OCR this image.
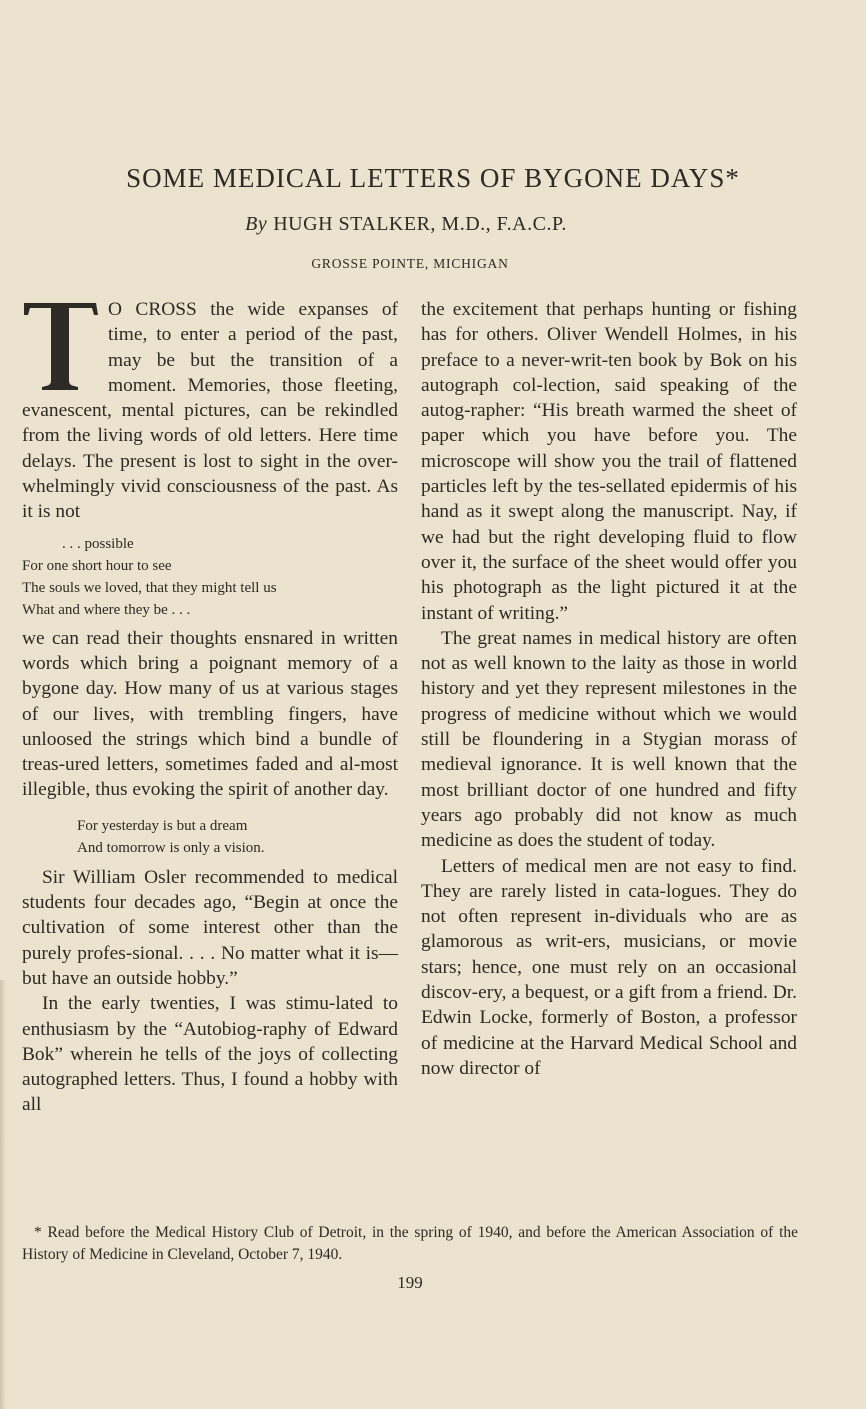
SOME MEDICAL LETTERS OF BYGONE DAYS*
By HUGH STALKER, M.D., F.A.C.P.
GROSSE POINTE, MICHIGAN

O CROSS the wide expanses of time, to enter a period of the past, may be but the transition of a moment. Memories, those fleeting, evanescent, mental pictures, can be rekindled from the living words of old letters. Here time delays. The present is lost to sight in the over-whelmingly vivid consciousness of the past. As it is not

. . . possible
For one short hour to see
The souls we loved, that they might tell us
What and where they be . . .

we can read their thoughts ensnared in written words which bring a poignant memory of a bygone day. How many of us at various stages of our lives, with trembling fingers, have unloosed the strings which bind a bundle of treas-ured letters, sometimes faded and al-most illegible, thus evoking the spirit of another day.

For yesterday is but a dream
And tomorrow is only a vision.

Sir William Osler recommended to medical students four decades ago, “Begin at once the cultivation of some interest other than the purely profes-sional. . . . No matter what it is—but have an outside hobby.”

In the early twenties, I was stimu-lated to enthusiasm by the “Autobiog-raphy of Edward Bok” wherein he tells of the joys of collecting autographed letters. Thus, I found a hobby with all

the excitement that perhaps hunting or fishing has for others. Oliver Wendell Holmes, in his preface to a never-writ-ten book by Bok on his autograph col-lection, said speaking of the autog-rapher: “His breath warmed the sheet of paper which you have before you. The microscope will show you the trail of flattened particles left by the tes-sellated epidermis of his hand as it swept along the manuscript. Nay, if we had but the right developing fluid to flow over it, the surface of the sheet would offer you his photograph as the light pictured it at the instant of writing.”

The great names in medical history are often not as well known to the laity as those in world history and yet they represent milestones in the progress of medicine without which we would still be floundering in a Stygian morass of medieval ignorance. It is well known that the most brilliant doctor of one hundred and fifty years ago probably did not know as much medicine as does the student of today.

Letters of medical men are not easy to find. They are rarely listed in cata-logues. They do not often represent in-dividuals who are as glamorous as writ-ers, musicians, or movie stars; hence, one must rely on an occasional discov-ery, a bequest, or a gift from a friend. Dr. Edwin Locke, formerly of Boston, a professor of medicine at the Harvard Medical School and now director of

* Read before the Medical History Club of Detroit, in the spring of 1940, and before the American Association of the History of Medicine in Cleveland, October 7, 1940.
199
